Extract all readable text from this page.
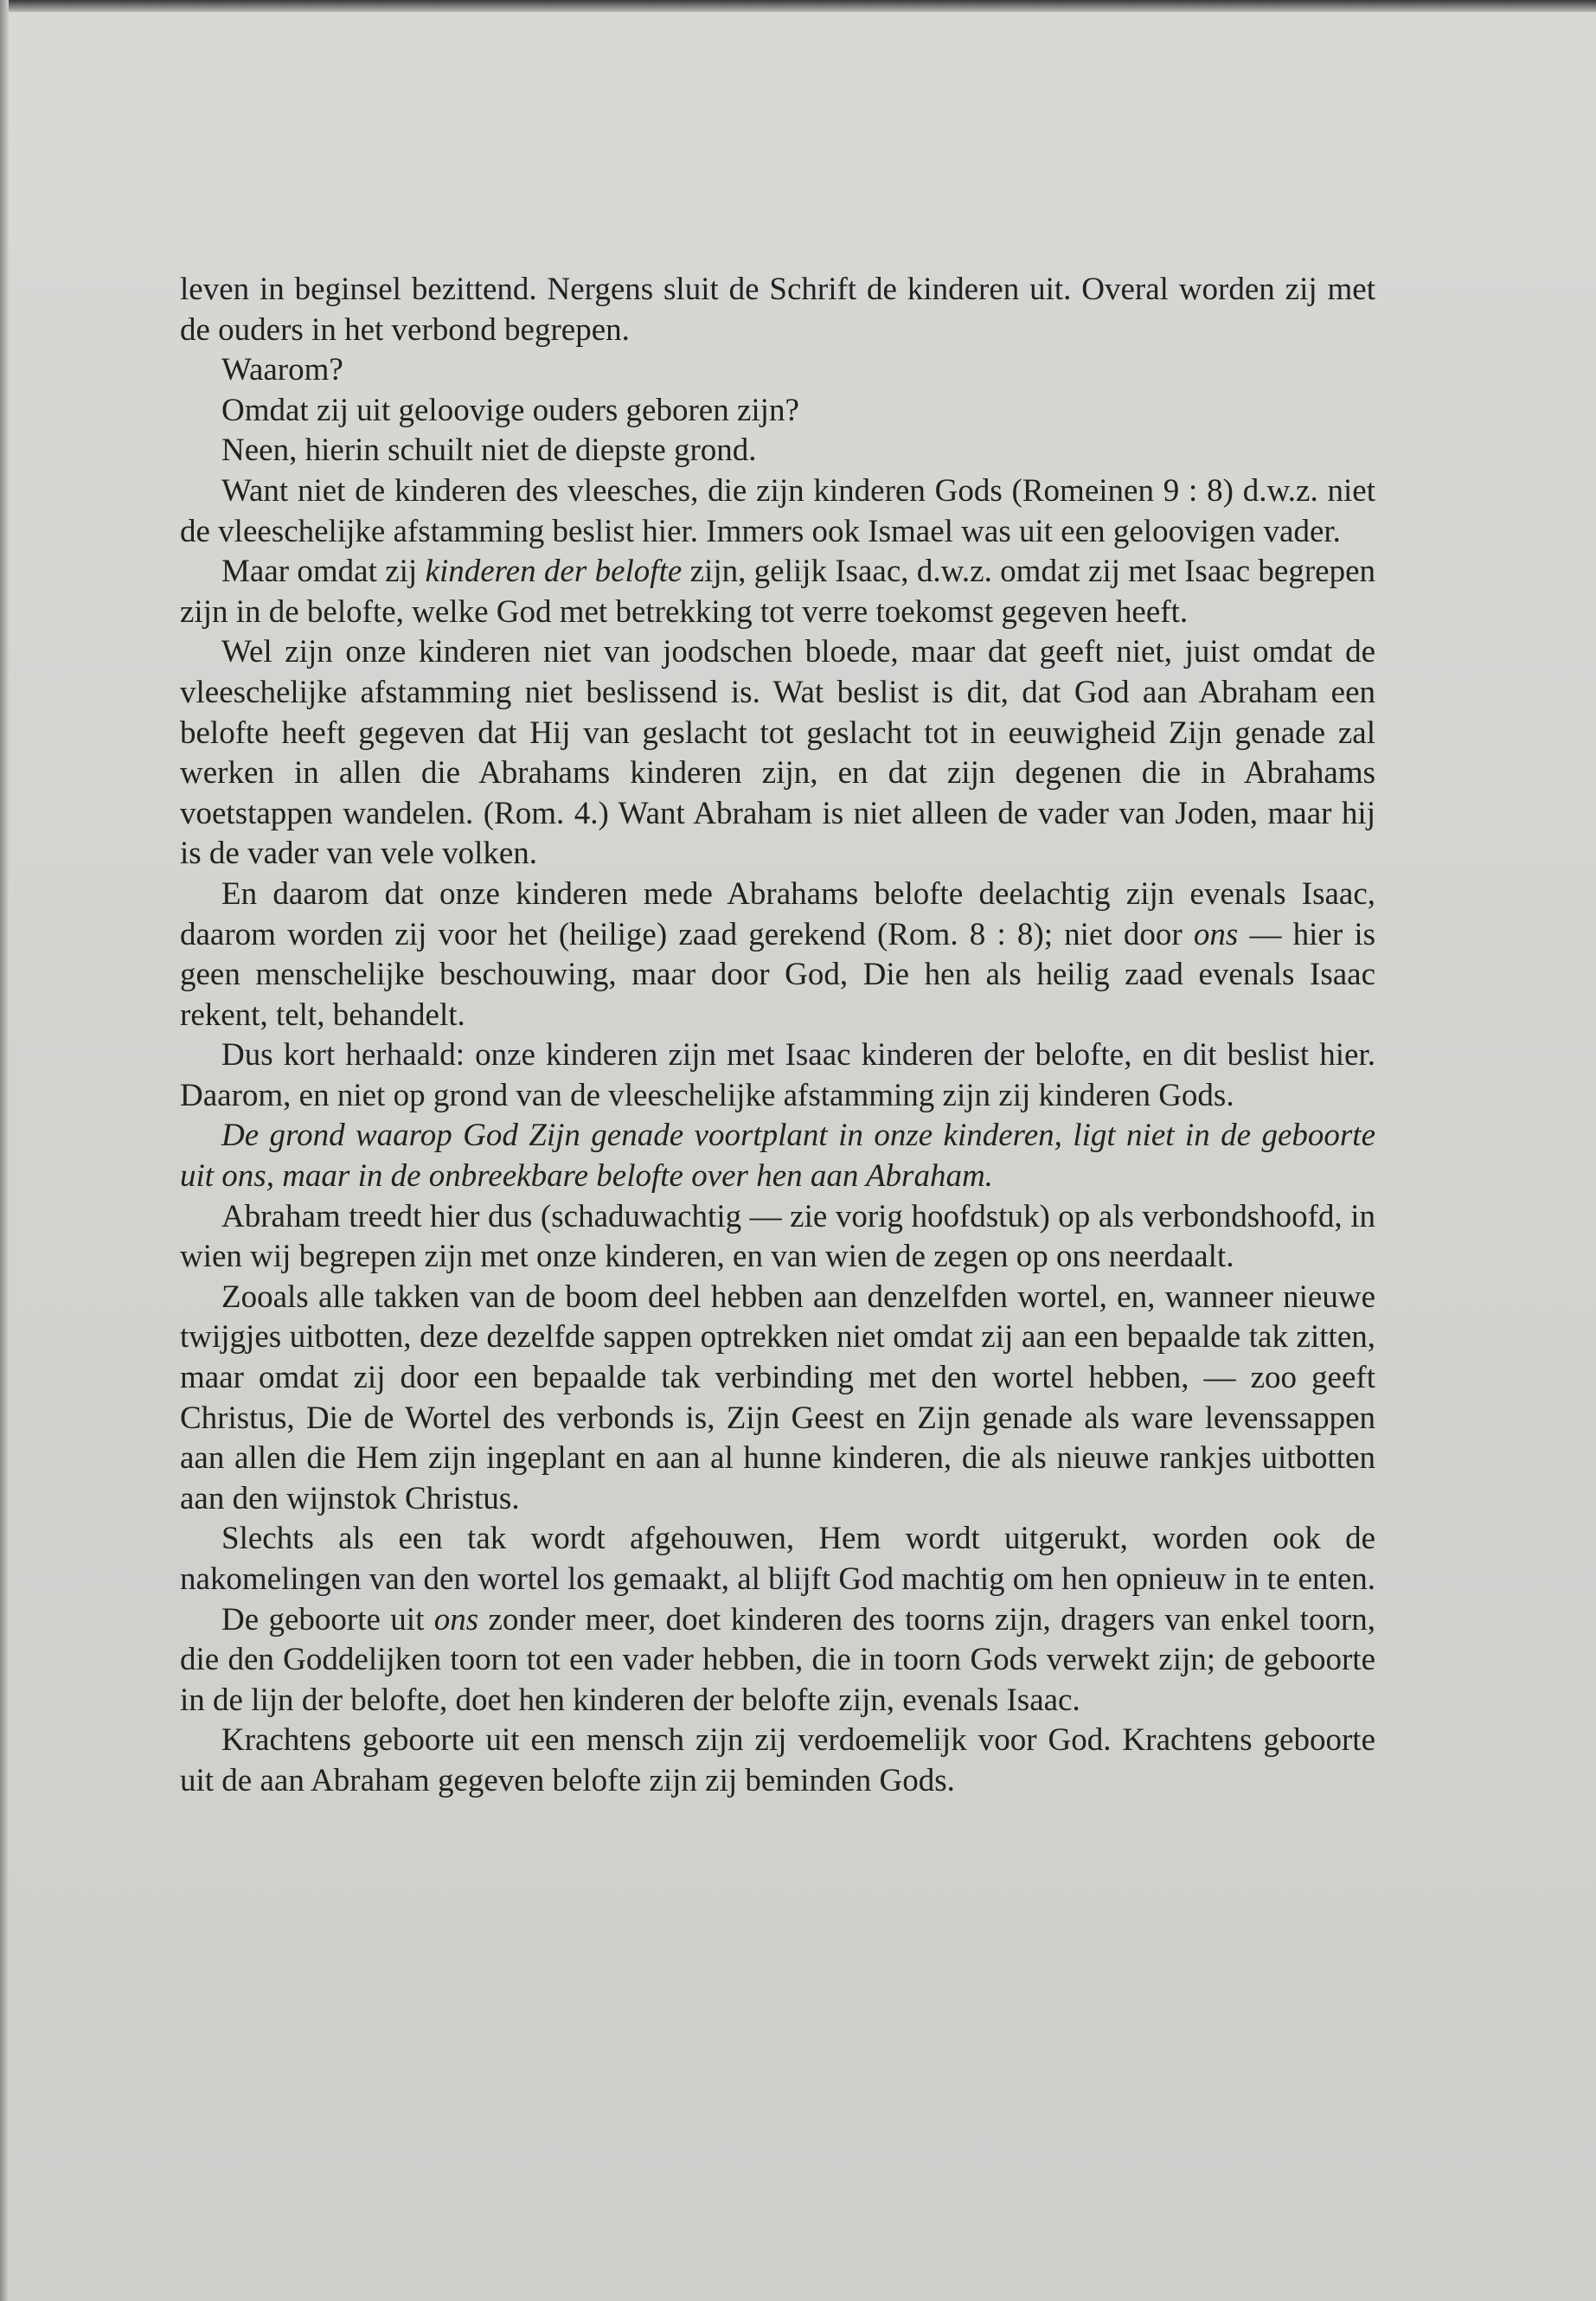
leven in beginsel bezittend. Nergens sluit de Schrift de kinderen uit. Overal worden zij met de ouders in het verbond begrepen.

Waarom?

Omdat zij uit geloovige ouders geboren zijn?

Neen, hierin schuilt niet de diepste grond.

Want niet de kinderen des vleesches, die zijn kinderen Gods (Romeinen 9 : 8) d.w.z. niet de vleeschelijke afstamming beslist hier. Immers ook Ismael was uit een geloovigen vader.

Maar omdat zij kinderen der belofte zijn, gelijk Isaac, d.w.z. omdat zij met Isaac begrepen zijn in de belofte, welke God met betrekking tot verre toekomst gegeven heeft.

Wel zijn onze kinderen niet van joodschen bloede, maar dat geeft niet, juist omdat de vleeschelijke afstamming niet beslissend is. Wat beslist is dit, dat God aan Abraham een belofte heeft gegeven dat Hij van geslacht tot geslacht tot in eeuwigheid Zijn genade zal werken in allen die Abrahams kinderen zijn, en dat zijn degenen die in Abrahams voetstappen wandelen. (Rom. 4.) Want Abraham is niet alleen de vader van Joden, maar hij is de vader van vele volken.

En daarom dat onze kinderen mede Abrahams belofte deelachtig zijn evenals Isaac, daarom worden zij voor het (heilige) zaad gerekend (Rom. 8 : 8); niet door ons — hier is geen menschelijke beschouwing, maar door God, Die hen als heilig zaad evenals Isaac rekent, telt, behandelt.

Dus kort herhaald: onze kinderen zijn met Isaac kinderen der belofte, en dit beslist hier. Daarom, en niet op grond van de vleeschelijke afstamming zijn zij kinderen Gods.

De grond waarop God Zijn genade voortplant in onze kinderen, ligt niet in de geboorte uit ons, maar in de onbreekbare belofte over hen aan Abraham.

Abraham treedt hier dus (schaduwachtig — zie vorig hoofdstuk) op als verbondshoofd, in wien wij begrepen zijn met onze kinderen, en van wien de zegen op ons neerdaalt.

Zooals alle takken van de boom deel hebben aan denzelfden wortel, en, wanneer nieuwe twijgjes uitbotten, deze dezelfde sappen optrekken niet omdat zij aan een bepaalde tak zitten, maar omdat zij door een bepaalde tak verbinding met den wortel hebben, — zoo geeft Christus, Die de Wortel des verbonds is, Zijn Geest en Zijn genade als ware levenssappen aan allen die Hem zijn ingeplant en aan al hunne kinderen, die als nieuwe rankjes uitbotten aan den wijnstok Christus.

Slechts als een tak wordt afgehouwen, Hem wordt uitgerukt, worden ook de nakomelingen van den wortel los gemaakt, al blijft God machtig om hen opnieuw in te enten.

De geboorte uit ons zonder meer, doet kinderen des toorns zijn, dragers van enkel toorn, die den Goddelijken toorn tot een vader hebben, die in toorn Gods verwekt zijn; de geboorte in de lijn der belofte, doet hen kinderen der belofte zijn, evenals Isaac.

Krachtens geboorte uit een mensch zijn zij verdoemelijk voor God. Krachtens geboorte uit de aan Abraham gegeven belofte zijn zij beminden Gods.
